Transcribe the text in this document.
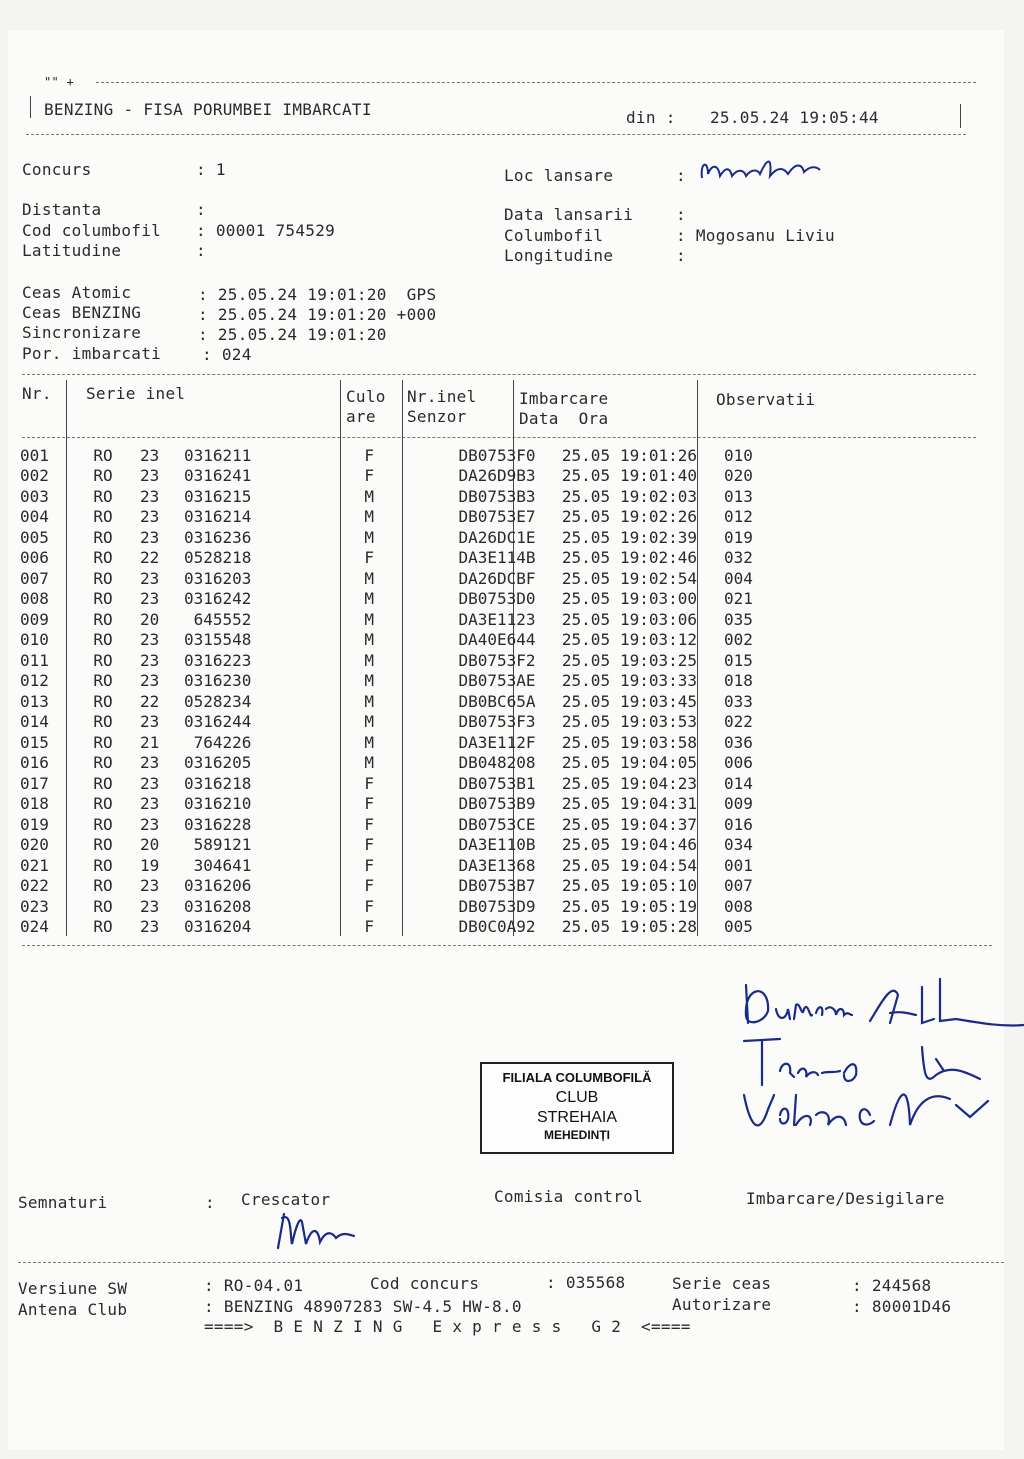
"" +
BENZING - FISA PORUMBEI IMBARCATI	din : 25.05.24 19:05:44
Concurs	: 1	Loc lansare	:
Distanta	:	Data lansarii	:
Cod columbofil : 00001 754529	Columbofil	: Mogosanu Liviu
Latitudine	:	Longitudine	:
Ceas Atomic	: 25.05.24 19:01:20  GPS
Ceas BENZING	: 25.05.24 19:01:20 +000
Sincronizare	: 25.05.24 19:01:20
Por. imbarcati	: 024
Nr. Serie inel	Culo
are
Nr.inel
Senzor
Imbarcare
Data  Ora
Observatii
001	RO	23	0316211	F		DB0753F0	25.05	19:01:26	010
002	RO	23	0316241	F		DA26D9B3	25.05	19:01:40	020
003	RO	23	0316215	M		DB0753B3	25.05	19:02:03	013
004	RO	23	0316214	M		DB0753E7	25.05	19:02:26	012
005	RO	23	0316236	M		DA26DC1E	25.05	19:02:39	019
006	RO	22	0528218	F		DA3E114B	25.05	19:02:46	032
007	RO	23	0316203	M		DA26DCBF	25.05	19:02:54	004
008	RO	23	0316242	M		DB0753D0	25.05	19:03:00	021
009	RO	20	645552	M		DA3E1123	25.05	19:03:06	035
010	RO	23	0315548	M		DA40E644	25.05	19:03:12	002
011	RO	23	0316223	M		DB0753F2	25.05	19:03:25	015
012	RO	23	0316230	M		DB0753AE	25.05	19:03:33	018
013	RO	22	0528234	M		DB0BC65A	25.05	19:03:45	033
014	RO	23	0316244	M		DB0753F3	25.05	19:03:53	022
015	RO	21	764226	M		DA3E112F	25.05	19:03:58	036
016	RO	23	0316205	M		DB048208	25.05	19:04:05	006
017	RO	23	0316218	F		DB0753B1	25.05	19:04:23	014
018	RO	23	0316210	F		DB0753B9	25.05	19:04:31	009
019	RO	23	0316228	F		DB0753CE	25.05	19:04:37	016
020	RO	20	589121	F		DA3E110B	25.05	19:04:46	034
021	RO	19	304641	F		DA3E1368	25.05	19:04:54	001
022	RO	23	0316206	F		DB0753B7	25.05	19:05:10	007
023	RO	23	0316208	F		DB0753D9	25.05	19:05:19	008
024	RO	23	0316204	F		DB0C0A92	25.05	19:05:28	005
FILIALA COLUMBOFILĂ
CLUB
STREHAIA
MEHEDINȚI
Semnaturi	: Crescator	Comisia control	Imbarcare/Desigilare
Versiune SW	: RO-04.01	Cod concurs	: 035568	Serie ceas	: 244568
Antena Club	: BENZING 48907283 SW-4.5 HW-8.0	Autorizare	: 80001D46
====>  B E N Z I N G   E x p r e s s   G 2  <====
